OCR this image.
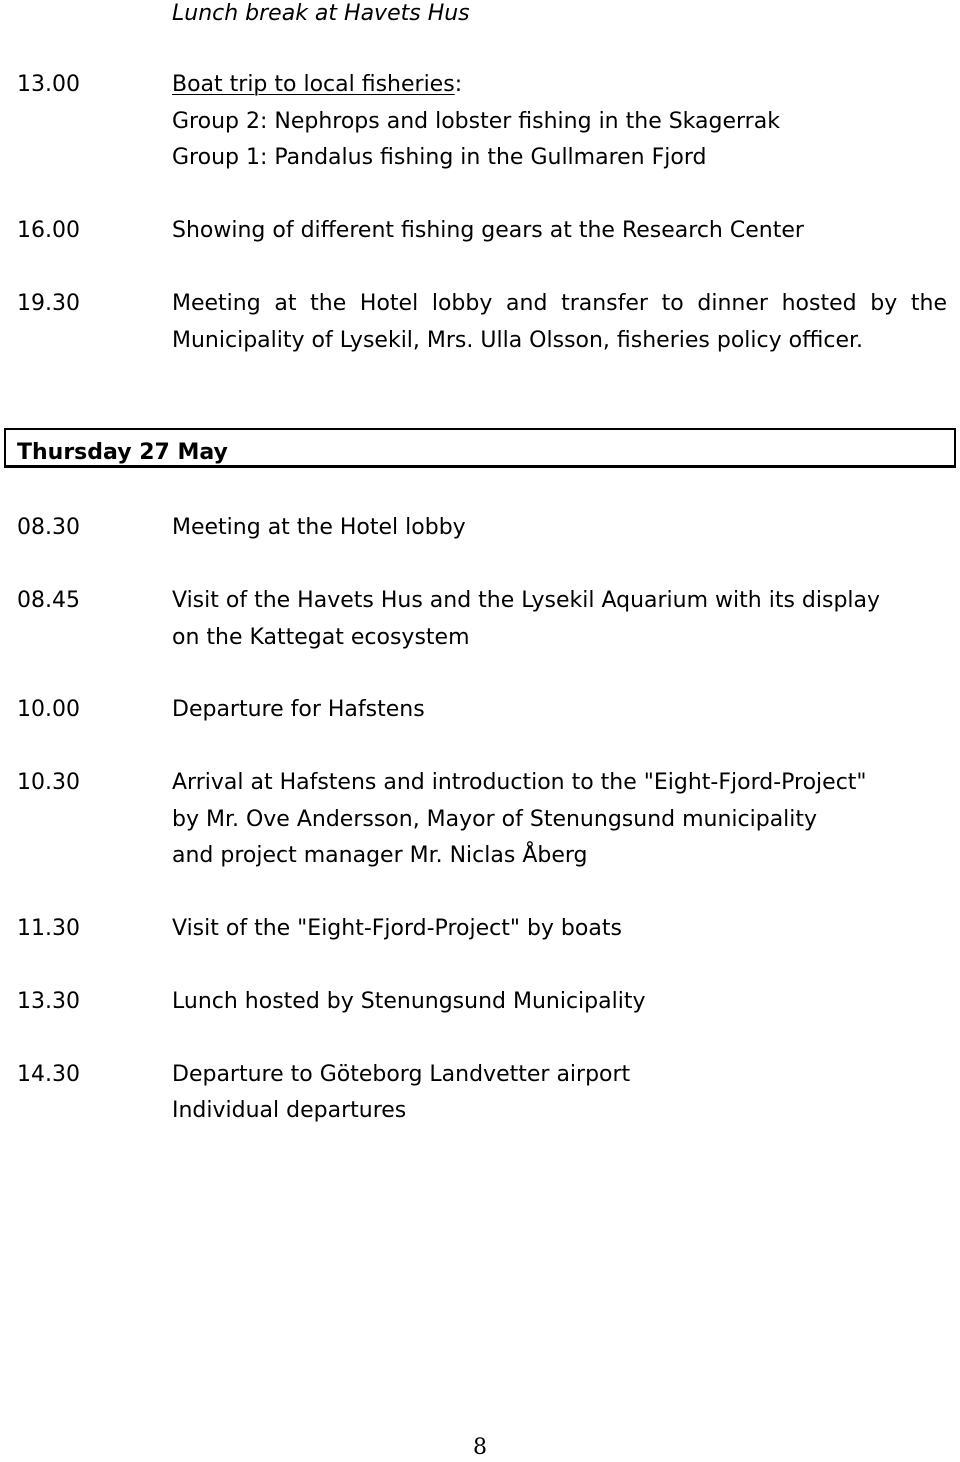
Lunch break at Havets Hus

13.00	Boat trip to local fisheries:

Group 2: Nephrops and lobster fishing in the Skagerrak

Group 1: Pandalus fishing in the Gullmaren Fjord

16.00	Showing of different fishing gears at the Research Center

19.30	Meeting at the Hotel lobby and transfer to dinner hosted by the

Municipality of Lysekil, Mrs. Ulla Olsson, fisheries policy officer.

Thursday 27 May

08.30	Meeting at the Hotel lobby

08.45	Visit of the Havets Hus and the Lysekil Aquarium with its display

on the Kattegat ecosystem

10.00	Departure for Hafstens

10.30	Arrival at Hafstens and introduction to the "Eight-Fjord-Project"

by Mr. Ove Andersson, Mayor of Stenungsund municipality

and project manager Mr. Niclas Åberg

11.30	Visit of the "Eight-Fjord-Project" by boats

13.30	Lunch hosted by Stenungsund Municipality

14.30	Departure to Göteborg Landvetter airport

Individual departures

8
